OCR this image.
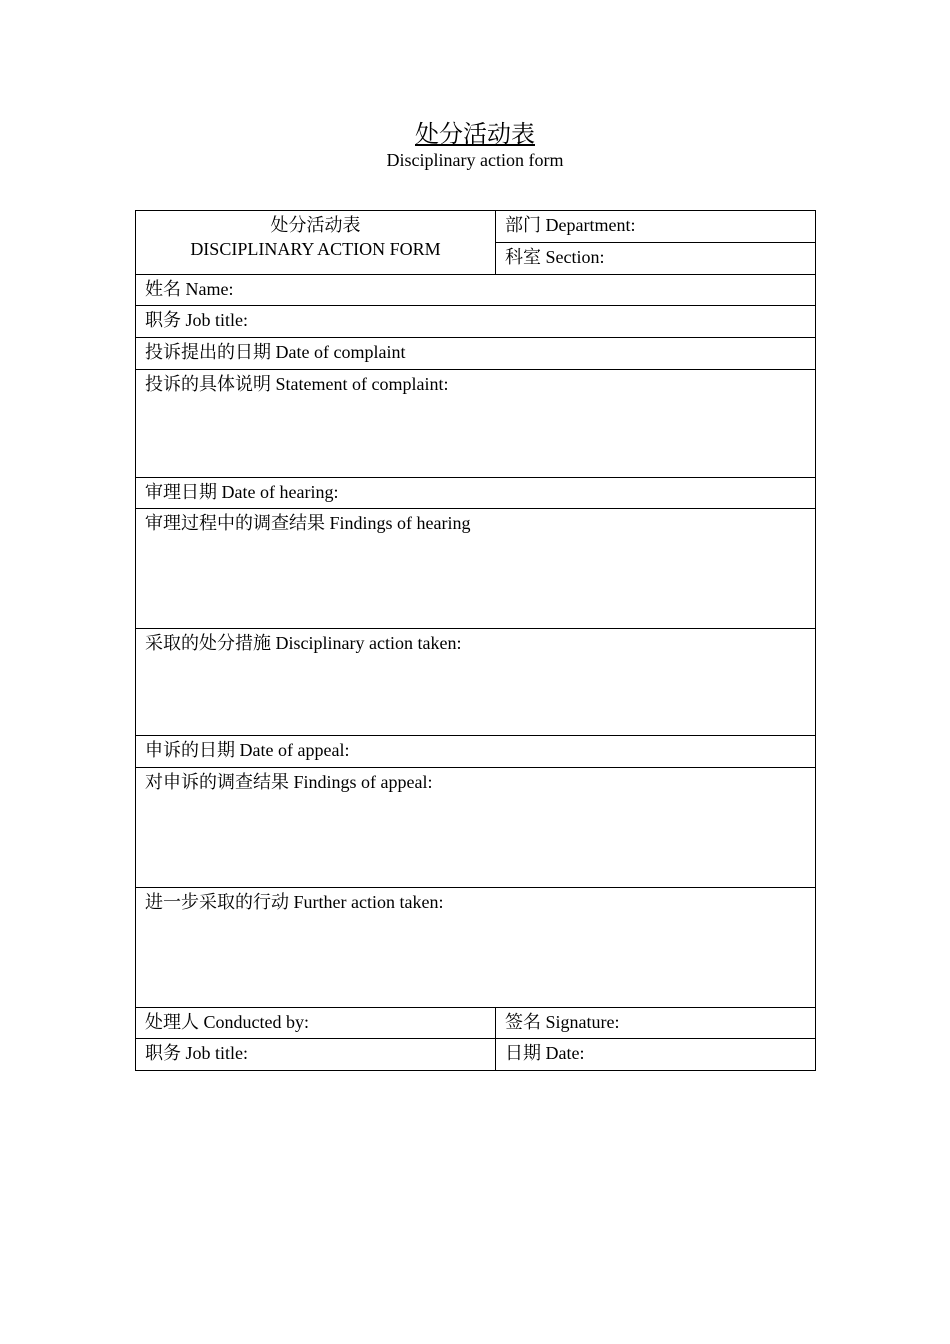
处分活动表
Disciplinary action form
处分活动表
DISCIPLINARY ACTION FORM	部门 Department:
	科室 Section:
姓名 Name:	
职务 Job title:	
投诉提出的日期 Date of complaint	
投诉的具体说明 Statement of complaint:	
审理日期 Date of hearing:	
审理过程中的调查结果 Findings of hearing	
采取的处分措施 Disciplinary action taken:	
申诉的日期 Date of appeal:	
对申诉的调查结果 Findings of appeal:	
进一步采取的行动 Further action taken:	
处理人 Conducted by:	签名 Signature:
职务 Job title:	日期 Date:
